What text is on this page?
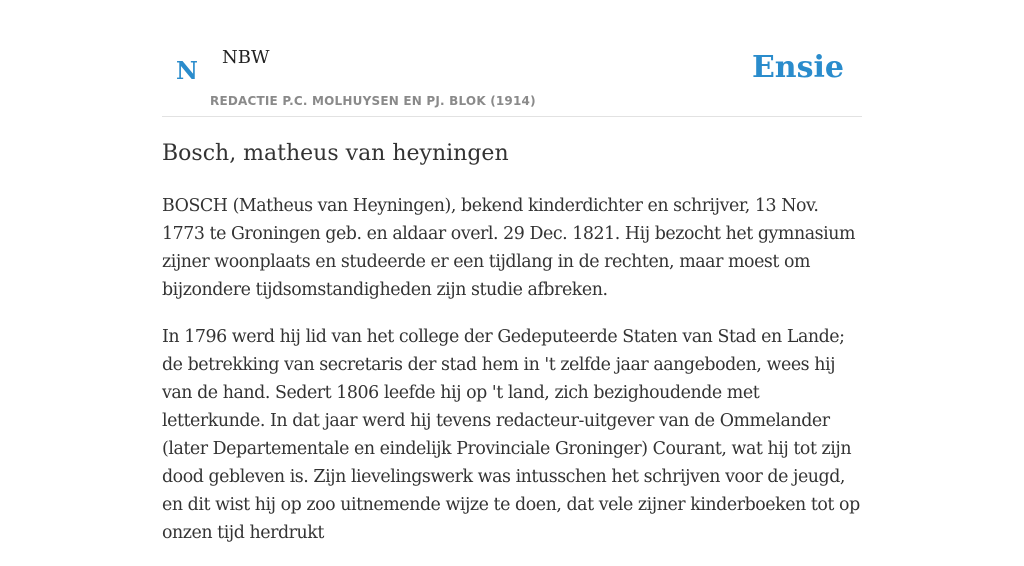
N NBW
REDACTIE P.C. MOLHUYSEN EN PJ. BLOK (1914)
Ensie
Bosch, matheus van heyningen

BOSCH (Matheus van Heyningen), bekend kinderdichter en schrijver, 13 Nov. 1773 te Groningen geb. en aldaar overl. 29 Dec. 1821. Hij bezocht het gymnasium zijner woonplaats en studeerde er een tijdlang in de rechten, maar moest om bijzondere tijdsomstandigheden zijn studie afbreken.

In 1796 werd hij lid van het college der Gedeputeerde Staten van Stad en Lande; de betrekking van secretaris der stad hem in 't zelfde jaar aangeboden, wees hij van de hand. Sedert 1806 leefde hij op 't land, zich bezighoudende met letterkunde. In dat jaar werd hij tevens redacteur-uitgever van de Ommelander (later Departementale en eindelijk Provinciale Groninger) Courant, wat hij tot zijn dood gebleven is. Zijn lievelingswerk was intusschen het schrijven voor de jeugd, en dit wist hij op zoo uitnemende wijze te doen, dat vele zijner kinderboeken tot op onzen tijd herdrukt
